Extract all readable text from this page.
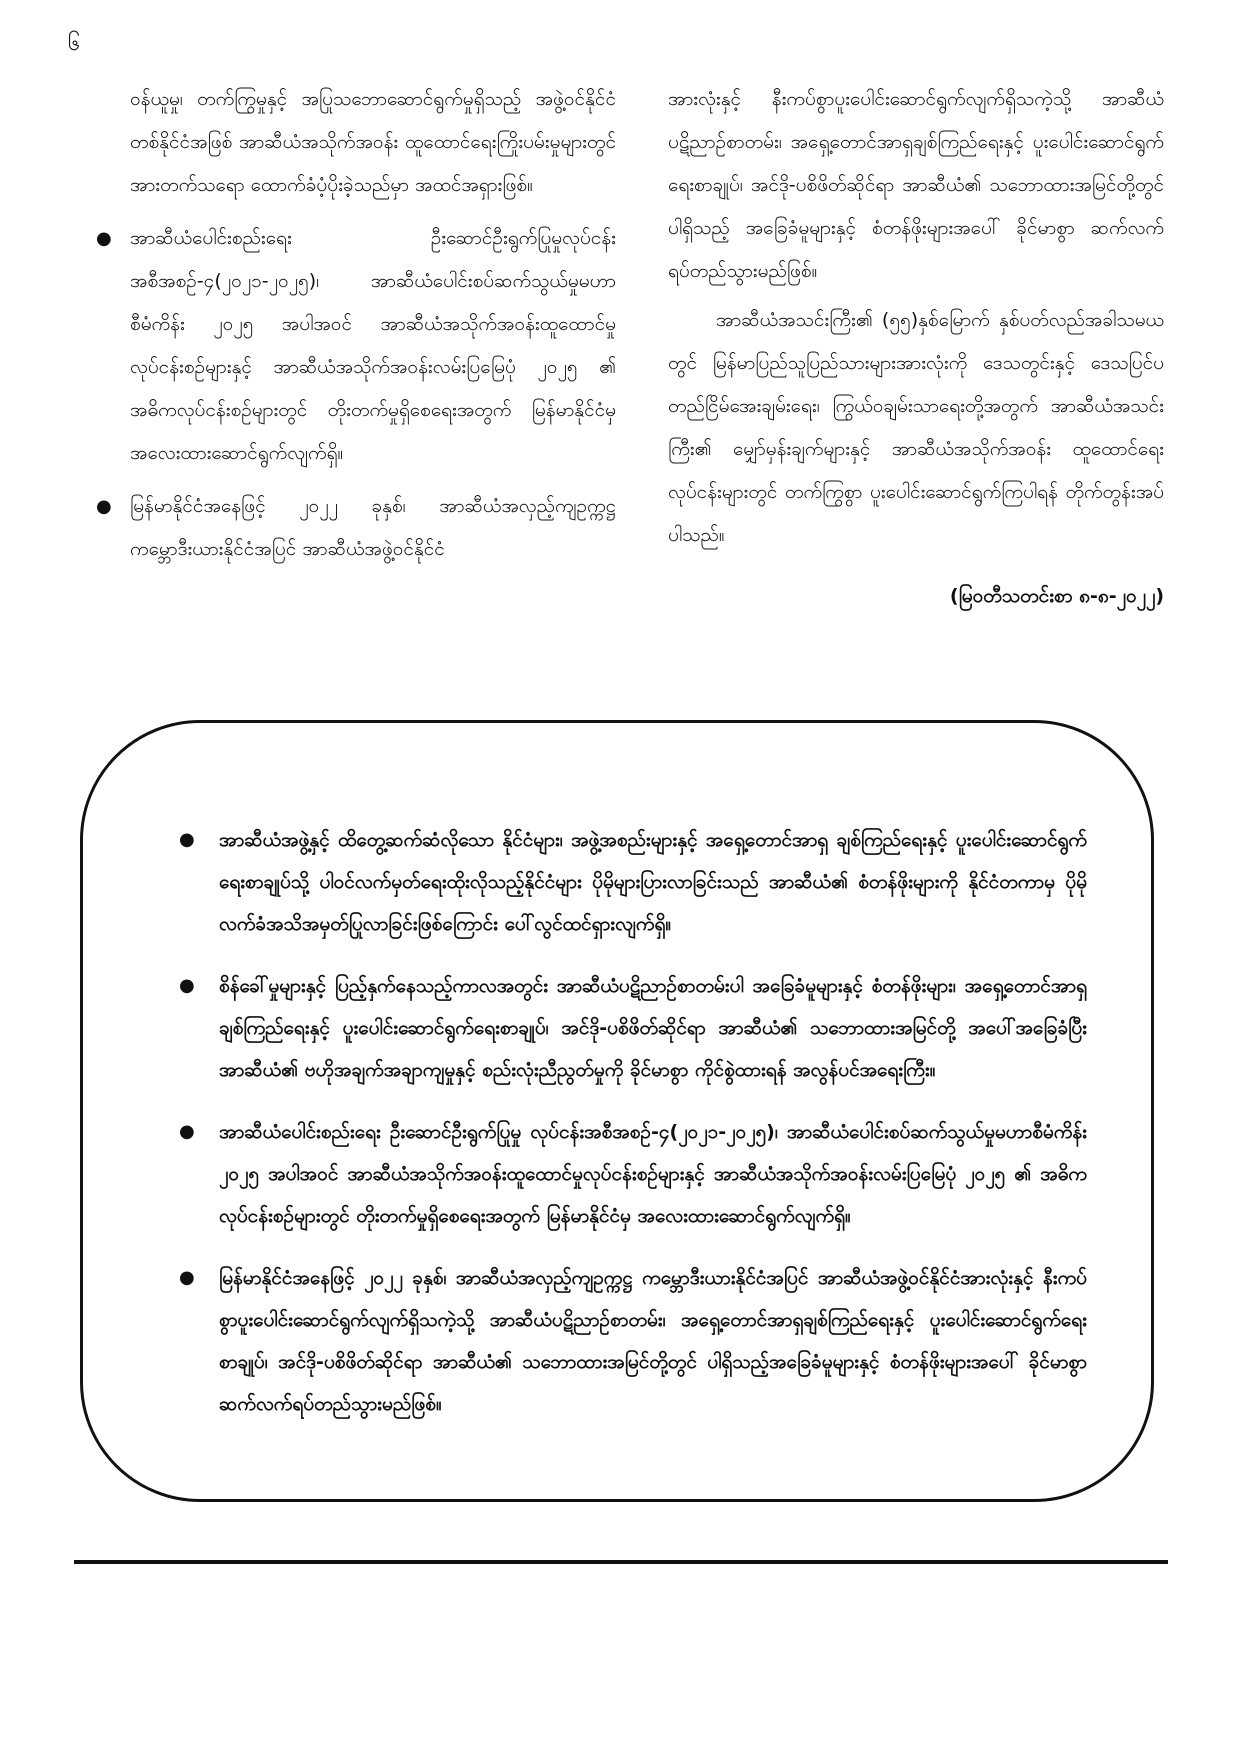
၆

ဝန်ယူမှု၊ တက်ကြွမှုနှင့် အပြုသဘောဆောင်ရွက်မှုရှိသည့် အဖွဲ့ဝင်နိုင်ငံတစ်နိုင်ငံအဖြစ် အာဆီယံအသိုက်အဝန်း ထူထောင်ရေးကြိုးပမ်းမှုများတွင် အားတက်သရော ထောက်ခံပံ့ပိုးခဲ့သည်မှာ အထင်အရှားဖြစ်။

● အာဆီယံပေါင်းစည်းရေး ဦးဆောင်ဦးရွက်ပြုမှုလုပ်ငန်းအစီအစဉ်-၄(၂၀၂၁-၂၀၂၅)၊ အာဆီယံပေါင်းစပ်ဆက်သွယ်မှုမဟာစီမံကိန်း ၂၀၂၅ အပါအဝင် အာဆီယံအသိုက်အဝန်းထူထောင်မှုလုပ်ငန်းစဉ်များနှင့် အာဆီယံအသိုက်အဝန်းလမ်းပြမြေပုံ ၂၀၂၅ ၏ အဓိကလုပ်ငန်းစဉ်များတွင် တိုးတက်မှုရှိစေရေးအတွက် မြန်မာနိုင်ငံမှ အလေးထားဆောင်ရွက်လျက်ရှိ။
● မြန်မာနိုင်ငံအနေဖြင့် ၂၀၂၂ ခုနှစ်၊ အာဆီယံအလှည့်ကျဥက္ကဋ္ဌ ကမ္ဘောဒီးယားနိုင်ငံအပြင် အာဆီယံအဖွဲ့ဝင်နိုင်ငံ

အားလုံးနှင့် နီးကပ်စွာပူးပေါင်းဆောင်ရွက်လျက်ရှိသကဲ့သို့ အာဆီယံပဋိညာဉ်စာတမ်း၊ အရှေ့တောင်အာရှချစ်ကြည်ရေးနှင့် ပူးပေါင်းဆောင်ရွက်ရေးစာချုပ်၊ အင်ဒို-ပစိဖိတ်ဆိုင်ရာ အာဆီယံ၏ သဘောထားအမြင်တို့တွင် ပါရှိသည့် အခြေခံမူများနှင့် စံတန်ဖိုးများအပေါ် ခိုင်မာစွာ ဆက်လက်ရပ်တည်သွားမည်ဖြစ်။

အာဆီယံအသင်းကြီး၏ (၅၅)နှစ်မြောက် နှစ်ပတ်လည်အခါသမယတွင် မြန်မာပြည်သူပြည်သားများအားလုံးကို ဒေသတွင်းနှင့် ဒေသပြင်ပတည်ငြိမ်အေးချမ်းရေး၊ ကြွယ်ဝချမ်းသာရေးတို့အတွက် အာဆီယံအသင်းကြီး၏ မျှော်မှန်းချက်များနှင့် အာဆီယံအသိုက်အဝန်း ထူထောင်ရေးလုပ်ငန်းများတွင် တက်ကြွစွာ ပူးပေါင်းဆောင်ရွက်ကြပါရန် တိုက်တွန်းအပ်ပါသည်။

(မြဝတီသတင်းစာ ၈-၈-၂၀၂၂)
● အာဆီယံအဖွဲ့နှင့် ထိတွေ့ဆက်ဆံလိုသော နိုင်ငံများ၊ အဖွဲ့အစည်းများနှင့် အရှေ့တောင်အာရှ ချစ်ကြည်ရေးနှင့် ပူးပေါင်းဆောင်ရွက်ရေးစာချုပ်သို့ ပါဝင်လက်မှတ်ရေးထိုးလိုသည့်နိုင်ငံများ ပိုမိုများပြားလာခြင်းသည် အာဆီယံ၏ စံတန်ဖိုးများကို နိုင်ငံတကာမှ ပိုမိုလက်ခံအသိအမှတ်ပြုလာခြင်းဖြစ်ကြောင်း ပေါ်လွင်ထင်ရှားလျက်ရှိ။
● စိန်ခေါ်မှုများနှင့် ပြည့်နှက်နေသည့်ကာလအတွင်း အာဆီယံပဋိညာဉ်စာတမ်းပါ အခြေခံမူများနှင့် စံတန်ဖိုးများ၊ အရှေ့တောင်အာရှချစ်ကြည်ရေးနှင့် ပူးပေါင်းဆောင်ရွက်ရေးစာချုပ်၊ အင်ဒို-ပစိဖိတ်ဆိုင်ရာ အာဆီယံ၏ သဘောထားအမြင်တို့ အပေါ်အခြေခံပြီး အာဆီယံ၏ ဗဟိုအချက်အချာကျမှုနှင့် စည်းလုံးညီညွတ်မှုကို ခိုင်မာစွာ ကိုင်စွဲထားရန် အလွန်ပင်အရေးကြီး။
● အာဆီယံပေါင်းစည်းရေး ဦးဆောင်ဦးရွက်ပြုမှု လုပ်ငန်းအစီအစဉ်-၄(၂၀၂၁-၂၀၂၅)၊ အာဆီယံပေါင်းစပ်ဆက်သွယ်မှုမဟာစီမံကိန်း ၂၀၂၅ အပါအဝင် အာဆီယံအသိုက်အဝန်းထူထောင်မှုလုပ်ငန်းစဉ်များနှင့် အာဆီယံအသိုက်အဝန်းလမ်းပြမြေပုံ ၂၀၂၅ ၏ အဓိကလုပ်ငန်းစဉ်များတွင် တိုးတက်မှုရှိစေရေးအတွက် မြန်မာနိုင်ငံမှ အလေးထားဆောင်ရွက်လျက်ရှိ။
● မြန်မာနိုင်ငံအနေဖြင့် ၂၀၂၂ ခုနှစ်၊ အာဆီယံအလှည့်ကျဥက္ကဋ္ဌ ကမ္ဘောဒီးယားနိုင်ငံအပြင် အာဆီယံအဖွဲ့ဝင်နိုင်ငံအားလုံးနှင့် နီးကပ်စွာပူးပေါင်းဆောင်ရွက်လျက်ရှိသကဲ့သို့ အာဆီယံပဋိညာဉ်စာတမ်း၊ အရှေ့တောင်အာရှချစ်ကြည်ရေးနှင့် ပူးပေါင်းဆောင်ရွက်ရေးစာချုပ်၊ အင်ဒို-ပစိဖိတ်ဆိုင်ရာ အာဆီယံ၏ သဘောထားအမြင်တို့တွင် ပါရှိသည့်အခြေခံမူများနှင့် စံတန်ဖိုးများအပေါ် ခိုင်မာစွာ ဆက်လက်ရပ်တည်သွားမည်ဖြစ်။
